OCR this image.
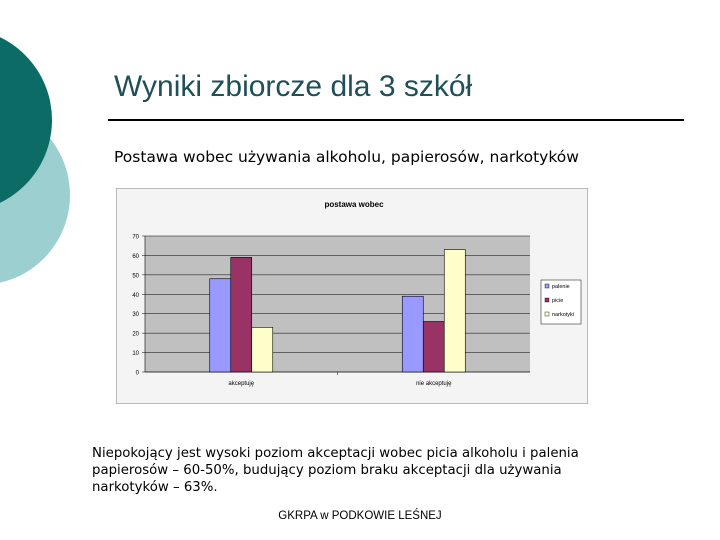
Wyniki zbiorcze dla 3 szkół
Postawa wobec używania alkoholu, papierosów, narkotyków
postawa wobec
0
10
20
30
40
50
60
70
akceptuję	nie akceptuję
palenie
picie
narkotyki
Niepokojący jest wysoki poziom akceptacji wobec picia alkoholu i palenia
papierosów – 60-50%, budujący poziom braku akceptacji dla używania
narkotyków – 63%.
GKRPA w PODKOWIE LEŚNEJ
